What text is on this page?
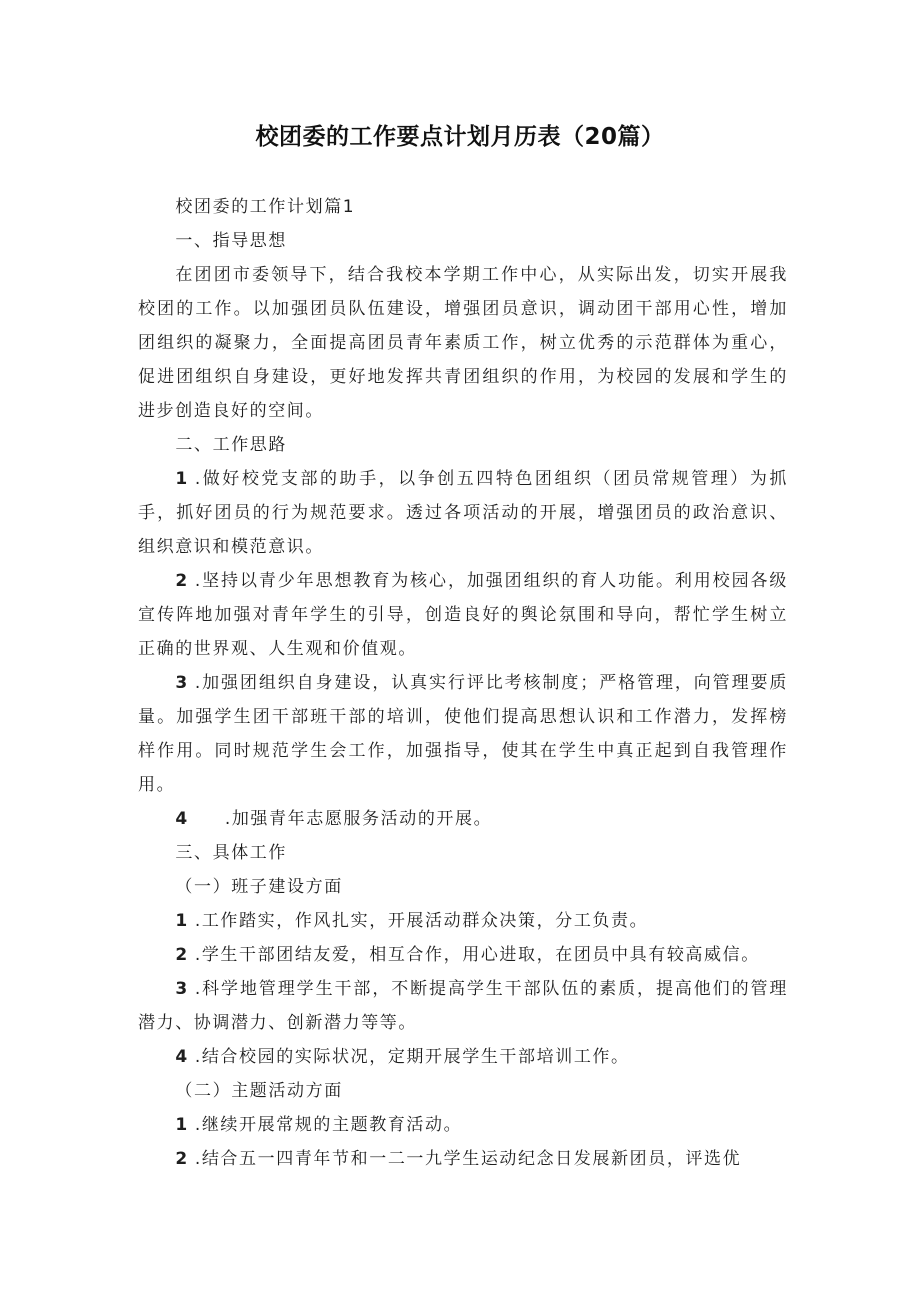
校团委的工作要点计划月历表（20篇）

校团委的工作计划篇1

一、指导思想

在团团市委领导下，结合我校本学期工作中心，从实际出发，切实开展我校团的工作。以加强团员队伍建设，增强团员意识，调动团干部用心性，增加团组织的凝聚力，全面提高团员青年素质工作，树立优秀的示范群体为重心，促进团组织自身建设，更好地发挥共青团组织的作用，为校园的发展和学生的进步创造良好的空间。

二、工作思路

1 .做好校党支部的助手，以争创五四特色团组织（团员常规管理）为抓手，抓好团员的行为规范要求。透过各项活动的开展，增强团员的政治意识、组织意识和模范意识。

2 .坚持以青少年思想教育为核心，加强团组织的育人功能。利用校园各级宣传阵地加强对青年学生的引导，创造良好的舆论氛围和导向，帮忙学生树立正确的世界观、人生观和价值观。

3 .加强团组织自身建设，认真实行评比考核制度；严格管理，向管理要质量。加强学生团干部班干部的培训，使他们提高思想认识和工作潜力，发挥榜样作用。同时规范学生会工作，加强指导，使其在学生中真正起到自我管理作用。

4 .加强青年志愿服务活动的开展。

三、具体工作

（一）班子建设方面

1 .工作踏实，作风扎实，开展活动群众决策，分工负责。

2 .学生干部团结友爱，相互合作，用心进取，在团员中具有较高威信。

3 .科学地管理学生干部，不断提高学生干部队伍的素质，提高他们的管理潜力、协调潜力、创新潜力等等。

4 .结合校园的实际状况，定期开展学生干部培训工作。

（二）主题活动方面

1 .继续开展常规的主题教育活动。

2 .结合五一四青年节和一二一九学生运动纪念日发展新团员，评选优
